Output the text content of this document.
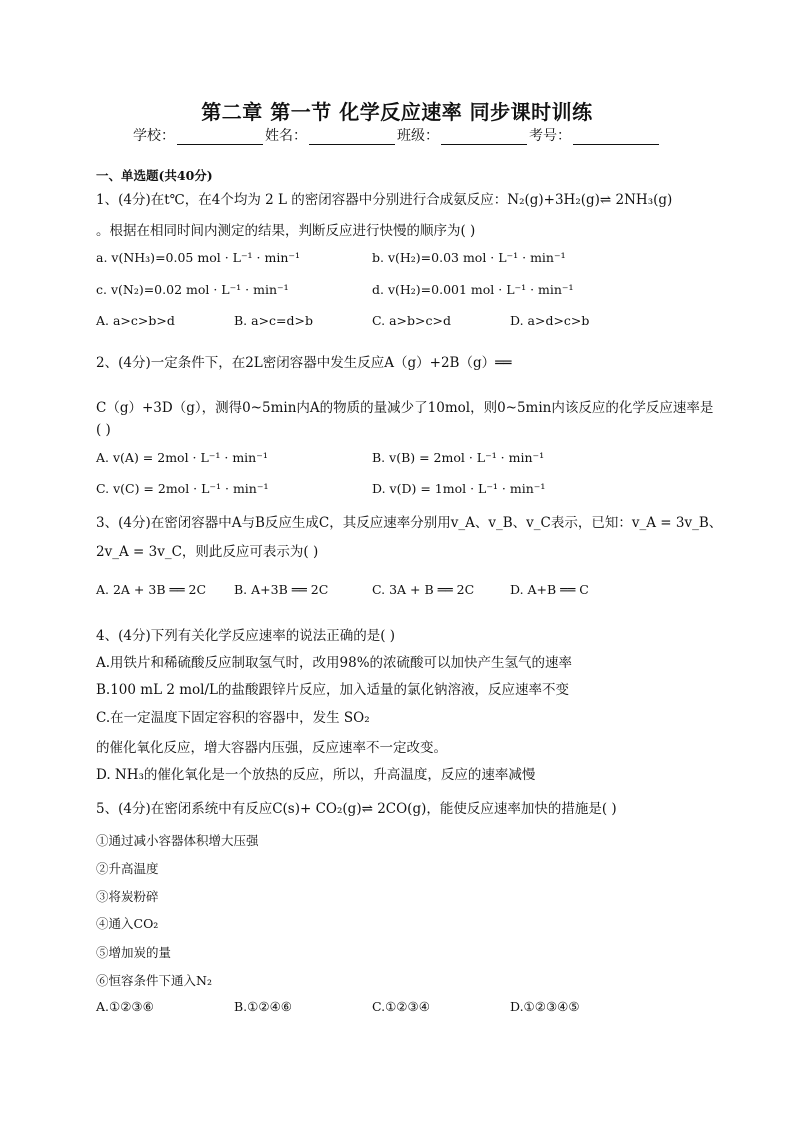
第二章 第一节 化学反应速率 同步课时训练
学校：	姓名：	班级：	考号：
一、单选题(共40分)
1、(4分)在t℃，在4个均为 2 L 的密闭容器中分别进行合成氨反应：N₂(g)+3H₂(g)⇌ 2NH₃(g)
。根据在相同时间内测定的结果，判断反应进行快慢的顺序为( )
a. v(NH₃)=0.05 mol · L⁻¹ · min⁻¹	b. v(H₂)=0.03 mol · L⁻¹ · min⁻¹
c. v(N₂)=0.02 mol · L⁻¹ · min⁻¹	d. v(H₂)=0.001 mol · L⁻¹ · min⁻¹
A. a>c>b>d	B. a>c=d>b	C. a>b>c>d	D. a>d>c>b
2、(4分)一定条件下，在2L密闭容器中发生反应A（g）+2B（g）══
C（g）+3D（g），测得0~5min内A的物质的量减少了10mol，则0~5min内该反应的化学反应速率是
( )
A. v(A) = 2mol · L⁻¹ · min⁻¹	B. v(B) = 2mol · L⁻¹ · min⁻¹
C. v(C) = 2mol · L⁻¹ · min⁻¹	D. v(D) = 1mol · L⁻¹ · min⁻¹
3、(4分)在密闭容器中A与B反应生成C，其反应速率分别用v_A、v_B、v_C表示，已知：v_A = 3v_B、
2v_A = 3v_C，则此反应可表示为( )
A. 2A + 3B ══ 2C B. A+3B ══ 2C	C. 3A + B ══ 2C	D. A+B ══ C
4、(4分)下列有关化学反应速率的说法正确的是( )
A.用铁片和稀硫酸反应制取氢气时，改用98%的浓硫酸可以加快产生氢气的速率
B.100 mL 2 mol/L的盐酸跟锌片反应，加入适量的氯化钠溶液，反应速率不变
C.在一定温度下固定容积的容器中，发生 SO₂
的催化氧化反应，增大容器内压强，反应速率不一定改变。
D. NH₃的催化氧化是一个放热的反应，所以，升高温度，反应的速率减慢
5、(4分)在密闭系统中有反应C(s)+ CO₂(g)⇌ 2CO(g)，能使反应速率加快的措施是( )
①通过减小容器体积增大压强
②升高温度
③将炭粉碎
④通入CO₂
⑤增加炭的量
⑥恒容条件下通入N₂
A.①②③⑥	B.①②④⑥	C.①②③④	D.①②③④⑤
